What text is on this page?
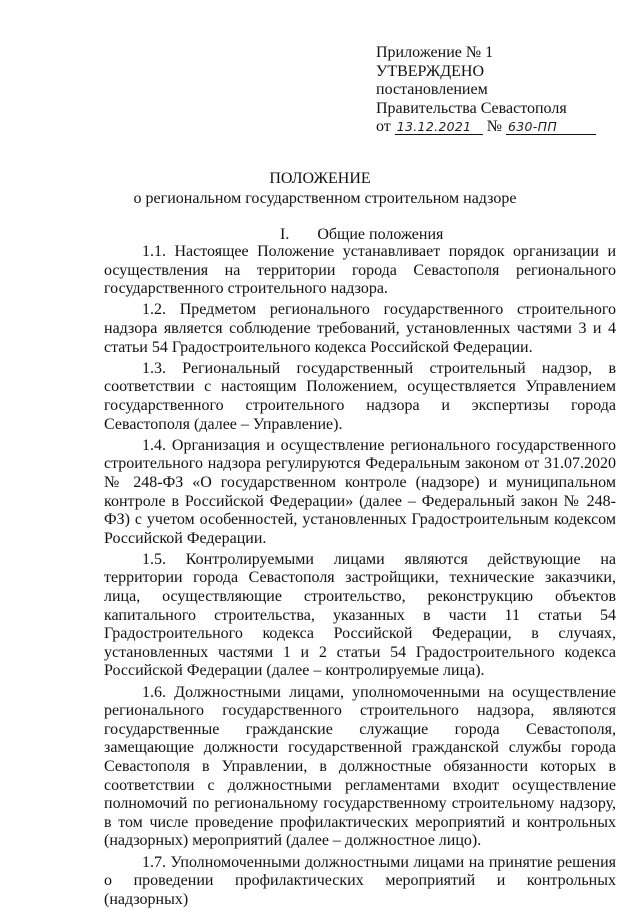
Приложение № 1
УТВЕРЖДЕНО
постановлением
Правительства Севастополя
от 13.12.2021 № 630-ПП
ПОЛОЖЕНИЕ
о региональном государственном строительном надзоре
I. Общие положения

1.1. Настоящее Положение устанавливает порядок организации и осуществления на территории города Севастополя регионального государственного строительного надзора.

1.2. Предметом регионального государственного строительного надзора является соблюдение требований, установленных частями 3 и 4 статьи 54 Градостроительного кодекса Российской Федерации.

1.3. Региональный государственный строительный надзор, в соответствии с настоящим Положением, осуществляется Управлением государственного строительного надзора и экспертизы города Севастополя (далее – Управление).

1.4. Организация и осуществление регионального государственного строительного надзора регулируются Федеральным законом от 31.07.2020 № 248-ФЗ «О государственном контроле (надзоре) и муниципальном контроле в Российской Федерации» (далее – Федеральный закон № 248-ФЗ) с учетом особенностей, установленных Градостроительным кодексом Российской Федерации.

1.5. Контролируемыми лицами являются действующие на территории города Севастополя застройщики, технические заказчики, лица, осуществляющие строительство, реконструкцию объектов капитального строительства, указанных в части 11 статьи 54 Градостроительного кодекса Российской Федерации, в случаях, установленных частями 1 и 2 статьи 54 Градостроительного кодекса Российской Федерации (далее – контролируемые лица).

1.6. Должностными лицами, уполномоченными на осуществление регионального государственного строительного надзора, являются государственные гражданские служащие города Севастополя, замещающие должности государственной гражданской службы города Севастополя в Управлении, в должностные обязанности которых в соответствии с должностными регламентами входит осуществление полномочий по региональному государственному строительному надзору, в том числе проведение профилактических мероприятий и контрольных (надзорных) мероприятий (далее – должностное лицо).

1.7. Уполномоченными должностными лицами на принятие решения о проведении профилактических мероприятий и контрольных (надзорных)
